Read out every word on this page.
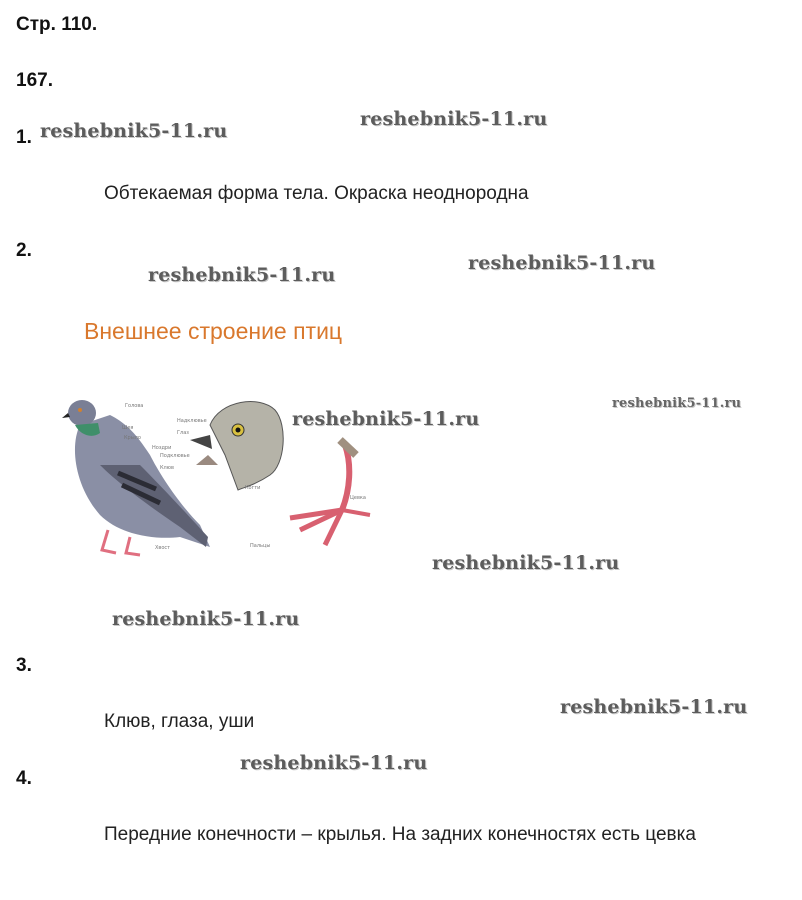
Стр. 110.
167.
1.
Обтекаемая форма тела. Окраска неоднородна
2.
Внешнее строение птиц
Голова
Шея
Крыло
Надклювье
Глаз
Подклювье
Ноздри
Хвост
Цевка
Когти
Пальцы
Клюв
3.
Клюв, глаза, уши
4.
Передние конечности – крылья. На задних конечностях есть цевка
reshebnik5-11.ru
reshebnik5-11.ru
reshebnik5-11.ru
reshebnik5-11.ru
reshebnik5-11.ru
reshebnik5-11.ru
reshebnik5-11.ru
reshebnik5-11.ru
reshebnik5-11.ru
reshebnik5-11.ru
